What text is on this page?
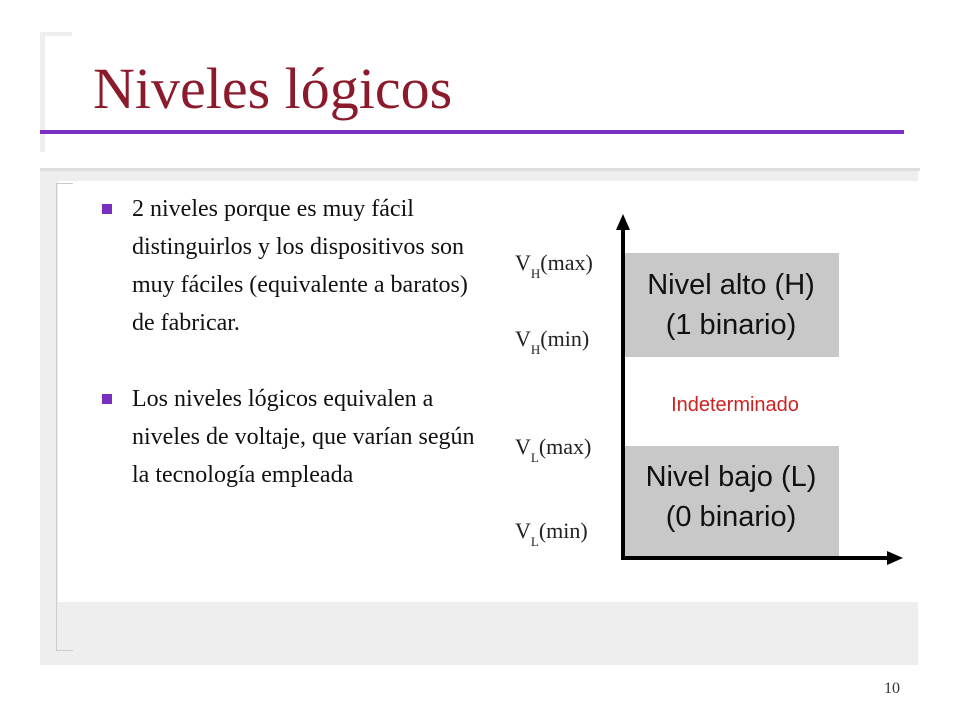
Niveles lógicos
2 niveles porque es muy fácil distinguirlos y los dispositivos son muy fáciles (equivalente a baratos) de fabricar.
Los niveles lógicos equivalen a niveles de voltaje, que varían según la tecnología empleada
Nivel alto (H)
(1 binario)
Nivel bajo (L)
(0 binario)
Indeterminado
$V_H(\max)$
$V_H(\min)$
$V_L(\max)$
$V_L(\min)$
10
